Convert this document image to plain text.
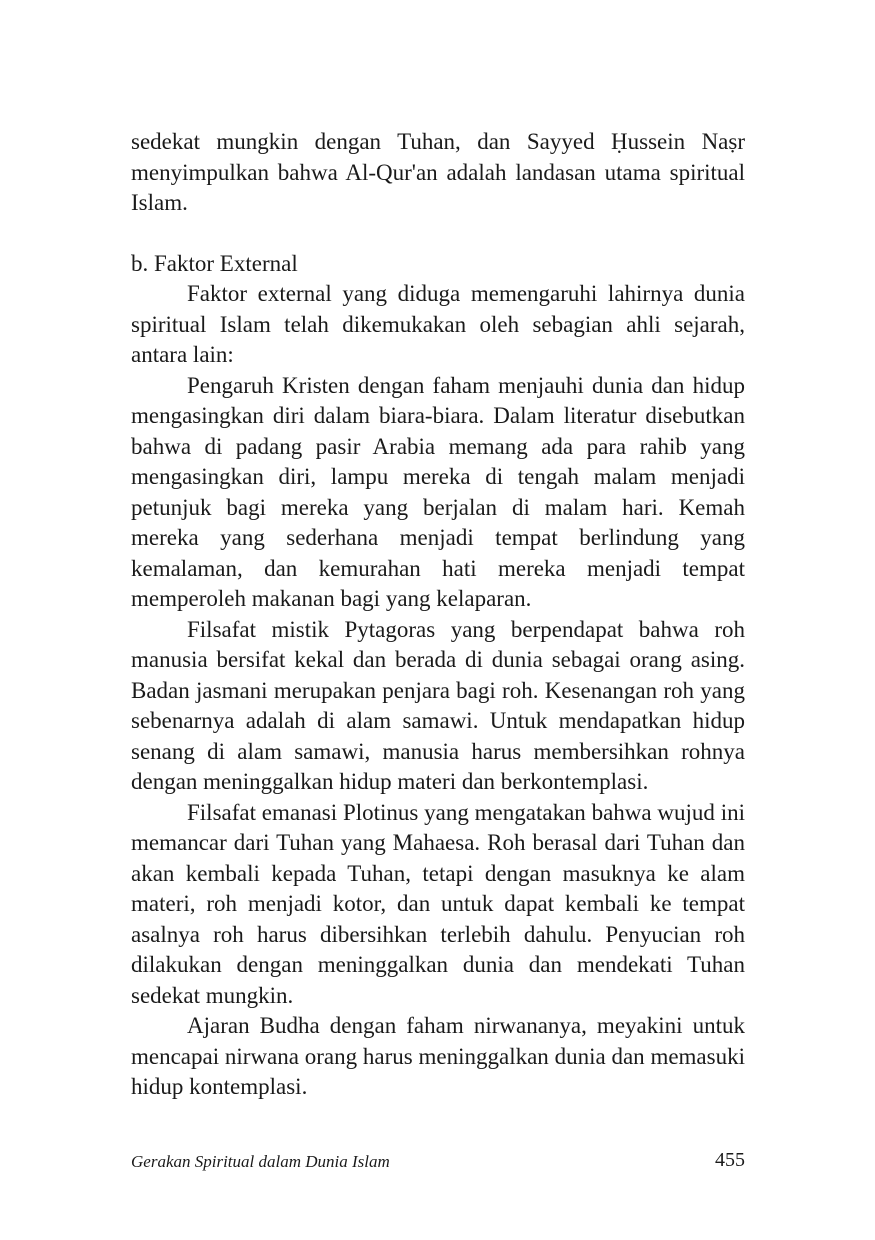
sedekat mungkin dengan Tuhan, dan Sayyed Ḥussein Naṣr menyimpulkan bahwa Al-Qur'an adalah landasan utama spiritual Islam.

b. Faktor External

Faktor external yang diduga memengaruhi lahirnya dunia spiritual Islam telah dikemukakan oleh sebagian ahli sejarah, antara lain:

Pengaruh Kristen dengan faham menjauhi dunia dan hidup mengasingkan diri dalam biara-biara. Dalam literatur disebutkan bahwa di padang pasir Arabia memang ada para rahib yang mengasingkan diri, lampu mereka di tengah malam menjadi petunjuk bagi mereka yang berjalan di malam hari. Kemah mereka yang sederhana menjadi tempat berlindung yang kemalaman, dan kemurahan hati mereka menjadi tempat memperoleh makanan bagi yang kelaparan.

Filsafat mistik Pytagoras yang berpendapat bahwa roh manusia bersifat kekal dan berada di dunia sebagai orang asing. Badan jasmani merupakan penjara bagi roh. Kesenangan roh yang sebenarnya adalah di alam samawi. Untuk mendapatkan hidup senang di alam samawi, manusia harus membersihkan rohnya dengan meninggalkan hidup materi dan berkontemplasi.

Filsafat emanasi Plotinus yang mengatakan bahwa wujud ini memancar dari Tuhan yang Mahaesa. Roh berasal dari Tuhan dan akan kembali kepada Tuhan, tetapi dengan masuknya ke alam materi, roh menjadi kotor, dan untuk dapat kembali ke tempat asalnya roh harus dibersihkan terlebih dahulu. Penyucian roh dilakukan dengan meninggalkan dunia dan mendekati Tuhan sedekat mungkin.

Ajaran Budha dengan faham nirwananya, meyakini untuk mencapai nirwana orang harus meninggalkan dunia dan memasuki hidup kontemplasi.

Gerakan Spiritual dalam Dunia Islam	455
